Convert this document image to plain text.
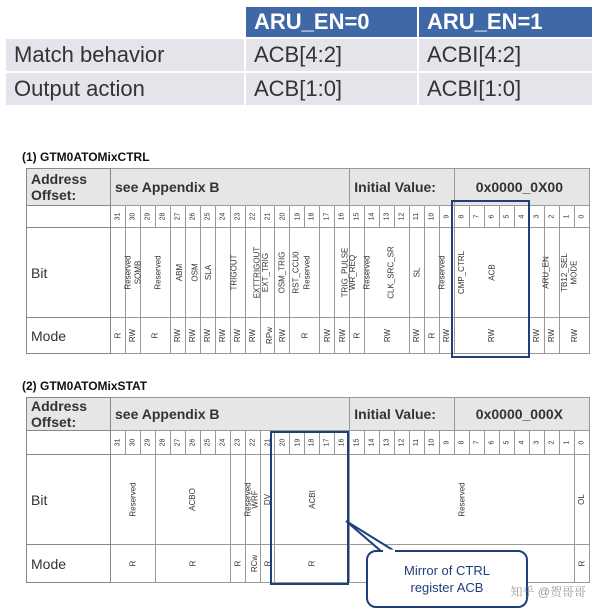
	ARU_EN=0	ARU_EN=1
Match behavior	ACB[4:2]	ACBI[4:2]
Output action	ACB[1:0]	ACBI[1:0]
(1) GTM0ATOMixCTRL
Address Offset:	see Appendix B																Initial Value:							0x0000_0X00								
	31	30	29	28	27	26	25	24	23	22	21	20	19	18	17	16	15	14	13	12	11	10	9	8	7	6	5	4	3	2	1	0
Bit	Reserved	SOMB	Reserved		ABM	OSM	SLA	TRIGOUT	EXTTRIGOUT	EXT_TRIG	OSM_TRIG	RST_CCU0	Reserved		TRIG_PULSE	WR_REQ	Reserved	CLK_SRC_SR			SL	Reserved	CMP_CTRL	ACB					ARU_EN	TB12_SEL	MODE	
Mode	R	RW	R		RW	RW	RW	RW	RW	RW	RPw	RW	R		RW	RW	R	RW			RW	R	RW	RW					RW	RW	RW	
(2) GTM0ATOMixSTAT
Address Offset:	see Appendix B																Initial Value:							0x0000_000X								
	31	30	29	28	27	26	25	24	23	22	21	20	19	18	17	16	15	14	13	12	11	10	9	8	7	6	5	4	3	2	1	0
Bit	Reserved			ACBO					Reserved	WRF	DV	ACBI					Reserved															OL
Mode	R			R					R	RCw	R	R																				R
Mirror of CTRL
register ACB	知乎 @贺哥哥
